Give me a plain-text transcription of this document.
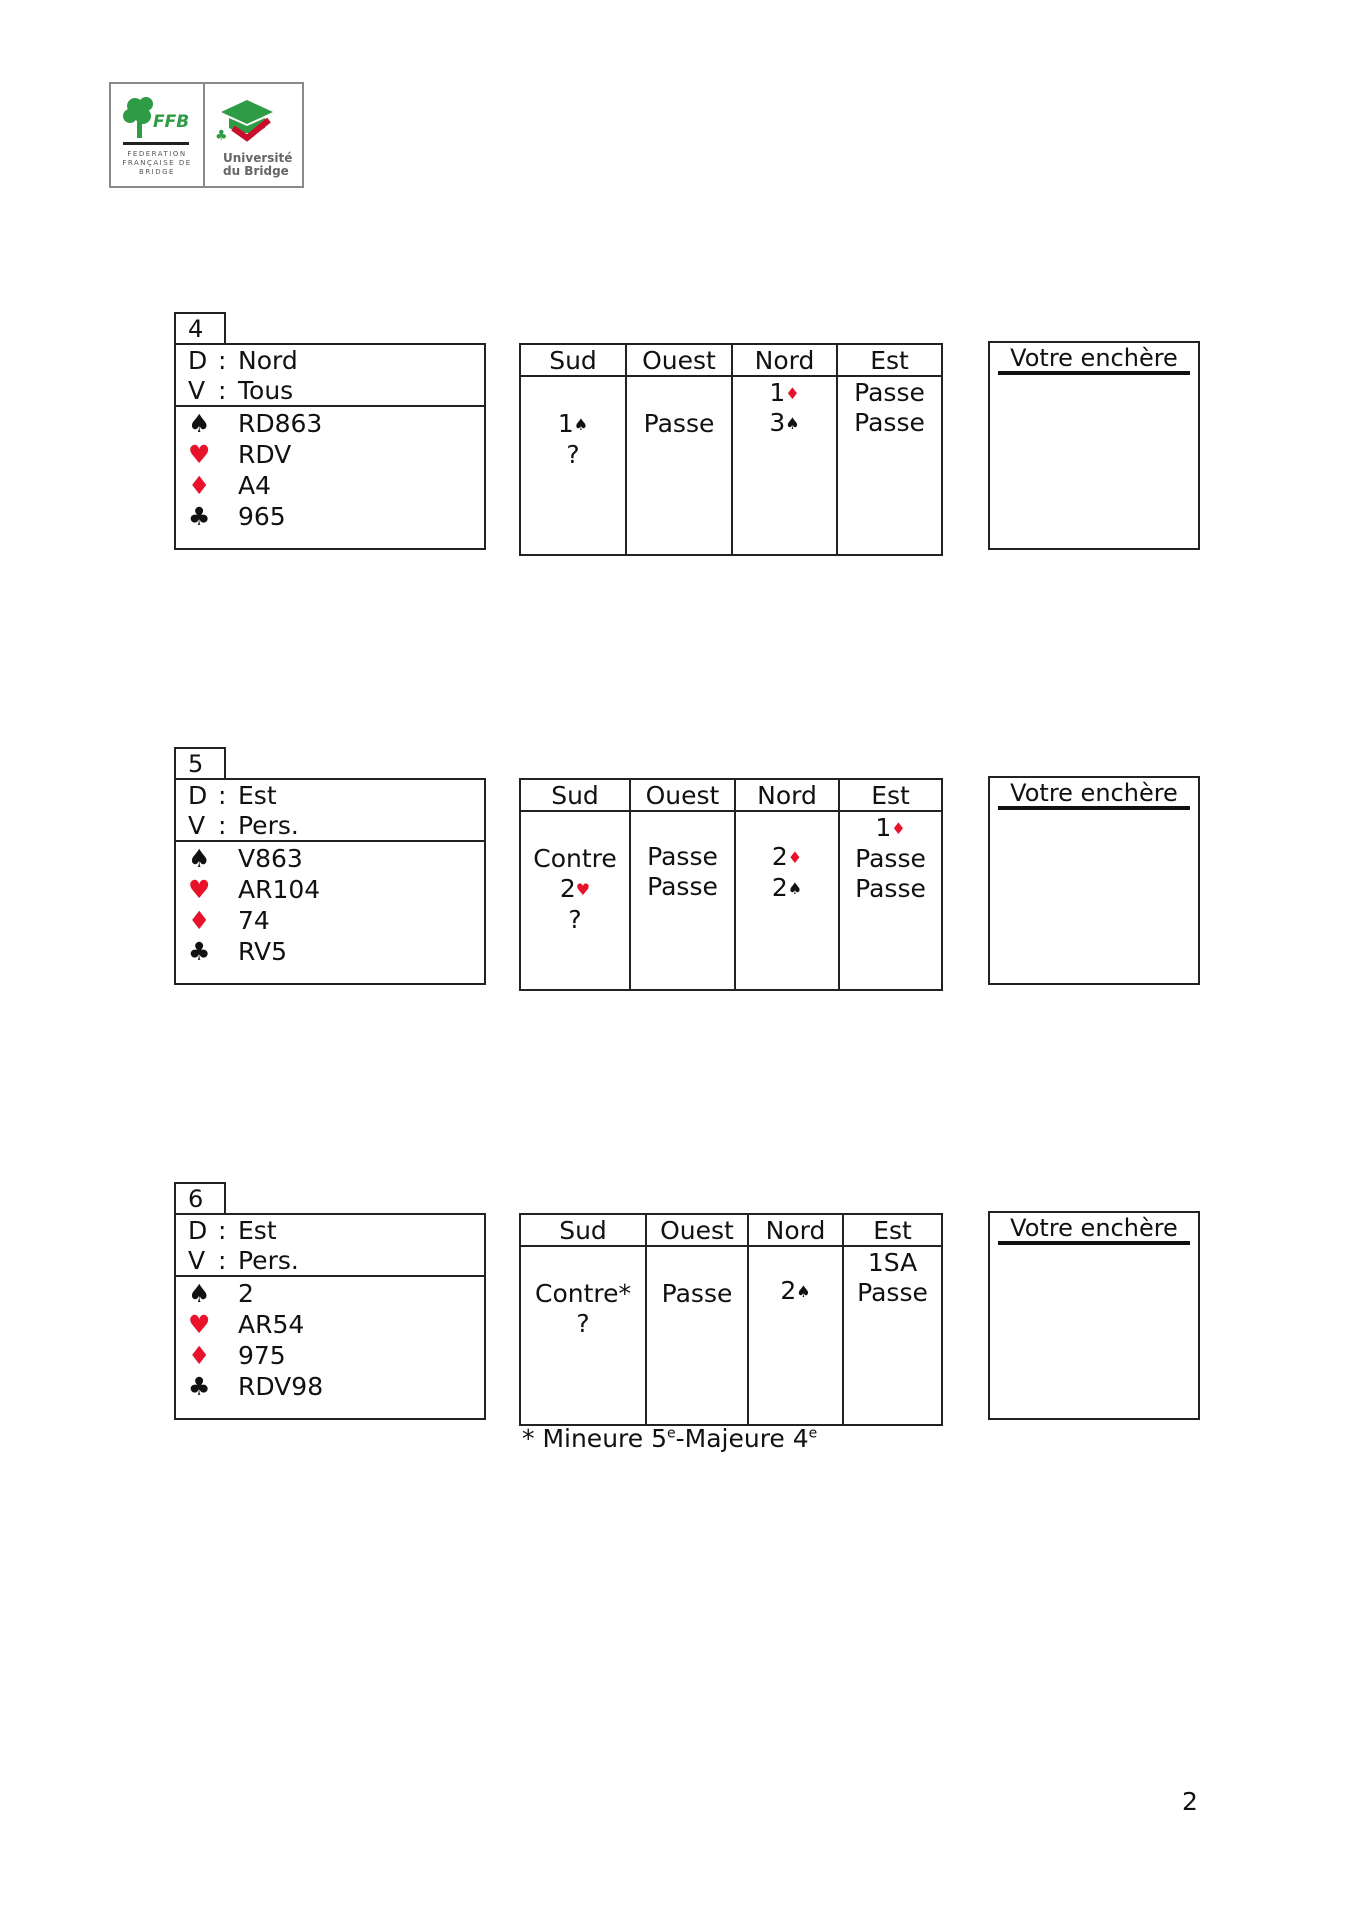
FFB
FEDERATION FRANÇAISE DE BRIDGE
♣
Université
du Bridge
4
D : Nord
V : Tous
♠ RD863
♥ RDV
♦ A4
♣ 965
Sud
1♠
?
Ouest
Passe
Nord
1♦
3♠
Est
Passe
Passe
Votre enchère
5
D : Est
V : Pers.
♠ V863
♥ AR104
♦ 74
♣ RV5
Sud
Contre
2♥
?
Ouest
Passe
Passe
Nord
2♦
2♠
Est
1♦
Passe
Passe
Votre enchère
6
D : Est
V : Pers.
♠ 2
♥ AR54
♦ 975
♣ RDV98
Sud
Contre*
?
Ouest
Passe
Nord
2♠
Est
1SA
Passe
Votre enchère
* Mineure 5e-Majeure 4e
2
